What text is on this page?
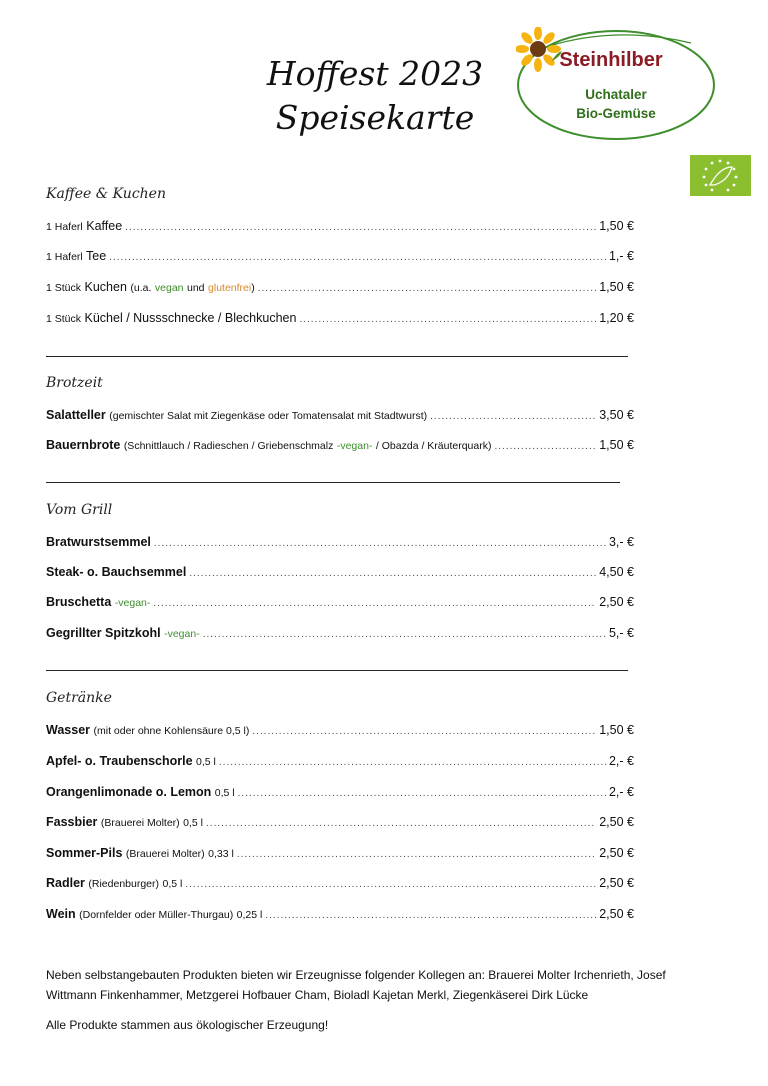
Hoffest 2023
Speisekarte
Steinhilber
Uchataler
Bio-Gemüse
Kaffee & Kuchen
1 Haferl Kaffee .....	1,50 €
1 Haferl Tee .....	1,- €
1 Stück Kuchen (u.a. vegan und glutenfrei) .....	1,50 €
1 Stück Küchel / Nussschnecke / Blechkuchen .....	1,20 €
Brotzeit
Salatteller (gemischter Salat mit Ziegenkäse oder Tomatensalat mit Stadtwurst) .....	3,50 €
Bauernbrote (Schnittlauch / Radieschen / Griebenschmalz -vegan- / Obazda / Kräuterquark) .....	1,50 €
Vom Grill
Bratwurstsemmel .....	3,- €
Steak- o. Bauchsemmel .....	4,50 €
Bruschetta -vegan- .....	2,50 €
Gegrillter Spitzkohl -vegan- .....	5,- €
Getränke
Wasser (mit oder ohne Kohlensäure 0,5 l) .....	1,50 €
Apfel- o. Traubenschorle 0,5 l .....	2,- €
Orangenlimonade o. Lemon 0,5 l .....	2,- €
Fassbier (Brauerei Molter) 0,5 l .....	2,50 €
Sommer-Pils (Brauerei Molter) 0,33 l .....	2,50 €
Radler (Riedenburger) 0,5 l .....	2,50 €
Wein (Dornfelder oder Müller-Thurgau) 0,25 l .....	2,50 €
Neben selbstangebauten Produkten bieten wir Erzeugnisse folgender Kollegen an: Brauerei Molter Irchenrieth, Josef
Wittmann Finkenhammer, Metzgerei Hofbauer Cham, Bioladl Kajetan Merkl, Ziegenkäserei Dirk Lücke
Alle Produkte stammen aus ökologischer Erzeugung!
